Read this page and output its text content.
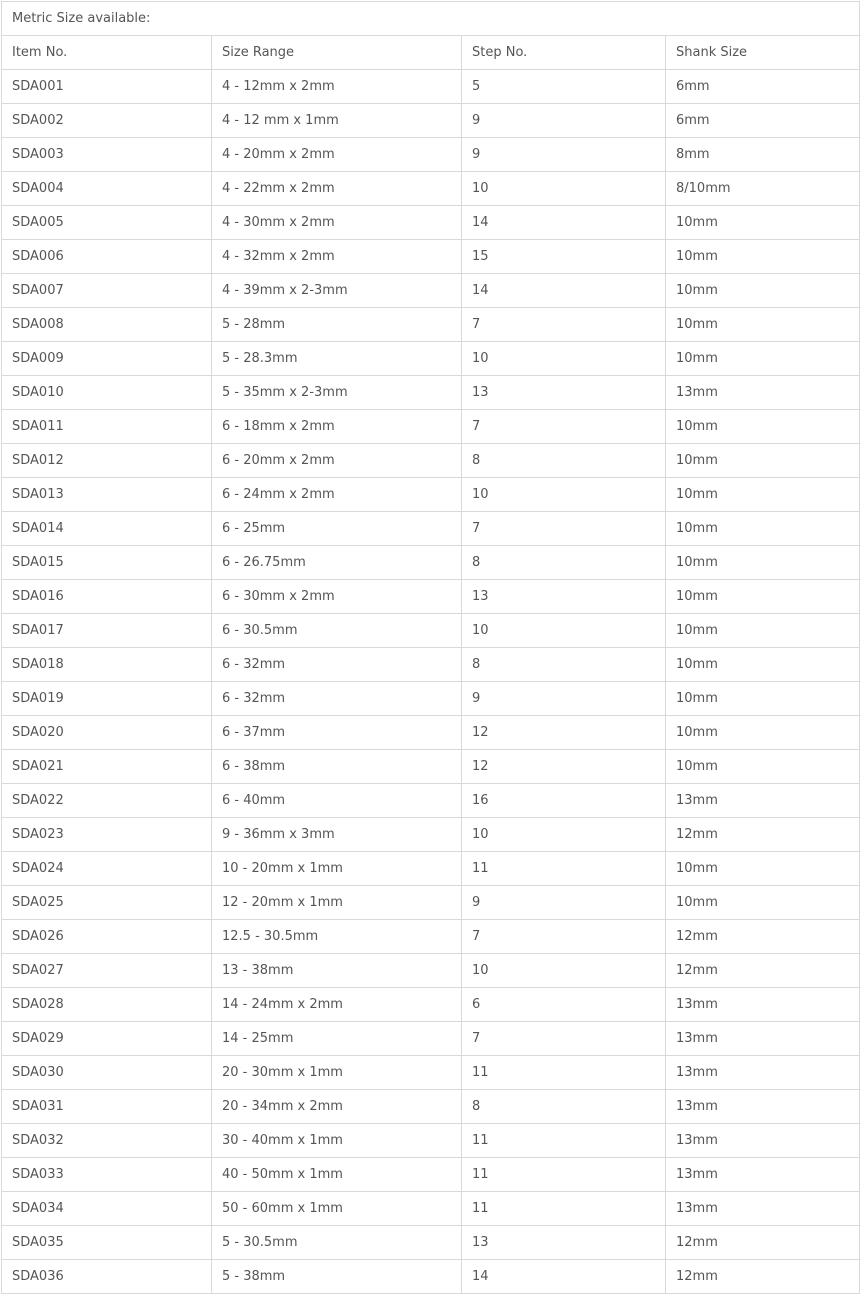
Metric Size available:			
Item No.	Size Range	Step No.	Shank Size
SDA001	4 - 12mm x 2mm	5	6mm
SDA002	4 - 12 mm x 1mm	9	6mm
SDA003	4 - 20mm x 2mm	9	8mm
SDA004	4 - 22mm x 2mm	10	8/10mm
SDA005	4 - 30mm x 2mm	14	10mm
SDA006	4 - 32mm x 2mm	15	10mm
SDA007	4 - 39mm x 2-3mm	14	10mm
SDA008	5 - 28mm	7	10mm
SDA009	5 - 28.3mm	10	10mm
SDA010	5 - 35mm x 2-3mm	13	13mm
SDA011	6 - 18mm x 2mm	7	10mm
SDA012	6 - 20mm x 2mm	8	10mm
SDA013	6 - 24mm x 2mm	10	10mm
SDA014	6 - 25mm	7	10mm
SDA015	6 - 26.75mm	8	10mm
SDA016	6 - 30mm x 2mm	13	10mm
SDA017	6 - 30.5mm	10	10mm
SDA018	6 - 32mm	8	10mm
SDA019	6 - 32mm	9	10mm
SDA020	6 - 37mm	12	10mm
SDA021	6 - 38mm	12	10mm
SDA022	6 - 40mm	16	13mm
SDA023	9 - 36mm x 3mm	10	12mm
SDA024	10 - 20mm x 1mm	11	10mm
SDA025	12 - 20mm x 1mm	9	10mm
SDA026	12.5 - 30.5mm	7	12mm
SDA027	13 - 38mm	10	12mm
SDA028	14 - 24mm x 2mm	6	13mm
SDA029	14 - 25mm	7	13mm
SDA030	20 - 30mm x 1mm	11	13mm
SDA031	20 - 34mm x 2mm	8	13mm
SDA032	30 - 40mm x 1mm	11	13mm
SDA033	40 - 50mm x 1mm	11	13mm
SDA034	50 - 60mm x 1mm	11	13mm
SDA035	5 - 30.5mm	13	12mm
SDA036	5 - 38mm	14	12mm
